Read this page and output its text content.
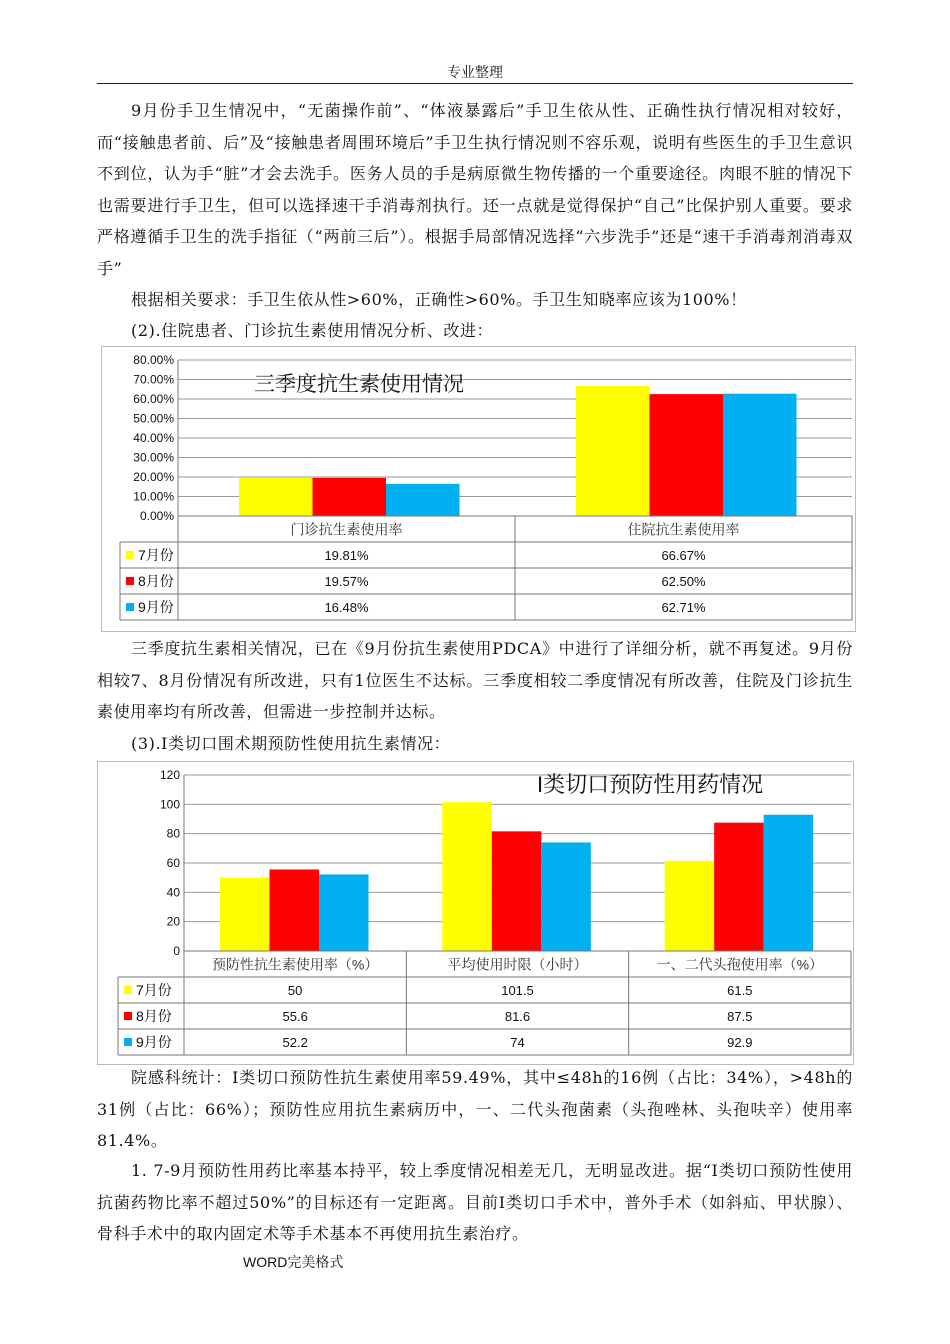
专业整理
9月份手卫生情况中，“无菌操作前”、“体液暴露后”手卫生依从性、正确性执行情况相对较好，而“接触患者前、后”及“接触患者周围环境后”手卫生执行情况则不容乐观，说明有些医生的手卫生意识不到位，认为手“脏”才会去洗手。医务人员的手是病原微生物传播的一个重要途径。肉眼不脏的情况下也需要进行手卫生，但可以选择速干手消毒剂执行。还一点就是觉得保护“自己”比保护别人重要。要求严格遵循手卫生的洗手指征（“两前三后”）。根据手局部情况选择“六步洗手”还是“速干手消毒剂消毒双手”
根据相关要求：手卫生依从性>60%，正确性>60%。手卫生知晓率应该为100%！
(2).住院患者、门诊抗生素使用情况分析、改进：
0.00%
10.00%
20.00%
30.00%
40.00%
50.00%
60.00%
70.00%
80.00%
三季度抗生素使用情况
门诊抗生素使用率	住院抗生素使用率
7月份	19.81%	66.67%
8月份	19.57%	62.50%
9月份	16.48%	62.71%
三季度抗生素相关情况，已在《9月份抗生素使用PDCA》中进行了详细分析，就不再复述。9月份相较7、8月份情况有所改进，只有1位医生不达标。三季度相较二季度情况有所改善，住院及门诊抗生素使用率均有所改善，但需进一步控制并达标。
(3).I类切口围术期预防性使用抗生素情况：
0
20
40
60
80
100
120	I类切口预防性用药情况
预防性抗生素使用率（%）	平均使用时限（小时）	一、二代头孢使用率（%）
7月份	50	101.5	61.5
8月份	55.6	81.6	87.5
9月份	52.2	74	92.9
院感科统计：I类切口预防性抗生素使用率59.49%，其中≤48h的16例（占比：34%），>48h的31例（占比：66%）；预防性应用抗生素病历中，一、二代头孢菌素（头孢唑林、头孢呋辛）使用率81.4%。
1. 7-9月预防性用药比率基本持平，较上季度情况相差无几，无明显改进。据“I类切口预防性使用抗菌药物比率不超过50%”的目标还有一定距离。目前I类切口手术中，普外手术（如斜疝、甲状腺）、骨科手术中的取内固定术等手术基本不再使用抗生素治疗。
WORD完美格式
